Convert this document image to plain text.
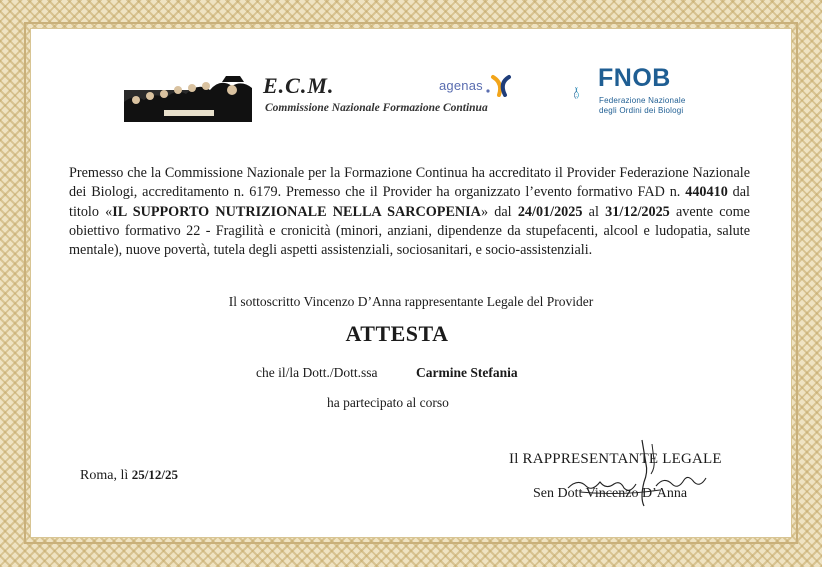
E.C.M.
Commissione Nazionale Formazione Continua
agenas	FNOB
Federazione Nazionale
degli Ordini dei Biologi
Premesso che la Commissione Nazionale per la Formazione Continua ha accreditato il Provider Federazione Nazionale dei Biologi, accreditamento n. 6179. Premesso che il Provider ha organizzato l’evento formativo FAD n. 440410 dal titolo «IL SUPPORTO NUTRIZIONALE NELLA SARCOPENIA» dal 24/01/2025 al 31/12/2025 avente come obiettivo formativo 22 - Fragilità e cronicità (minori, anziani, dipendenze da stupefacenti, alcool e ludopatia, salute mentale), nuove povertà, tutela degli aspetti assistenziali, sociosanitari, e socio-assistenziali.
Il sottoscritto Vincenzo D’Anna rappresentante Legale del Provider
ATTESTA
che il/la Dott./Dott.ssa	Carmine Stefania
ha partecipato al corso
Roma, lì 25/12/25
Il RAPPRESENTANTE LEGALE
Sen Dott Vincenzo D’Anna
